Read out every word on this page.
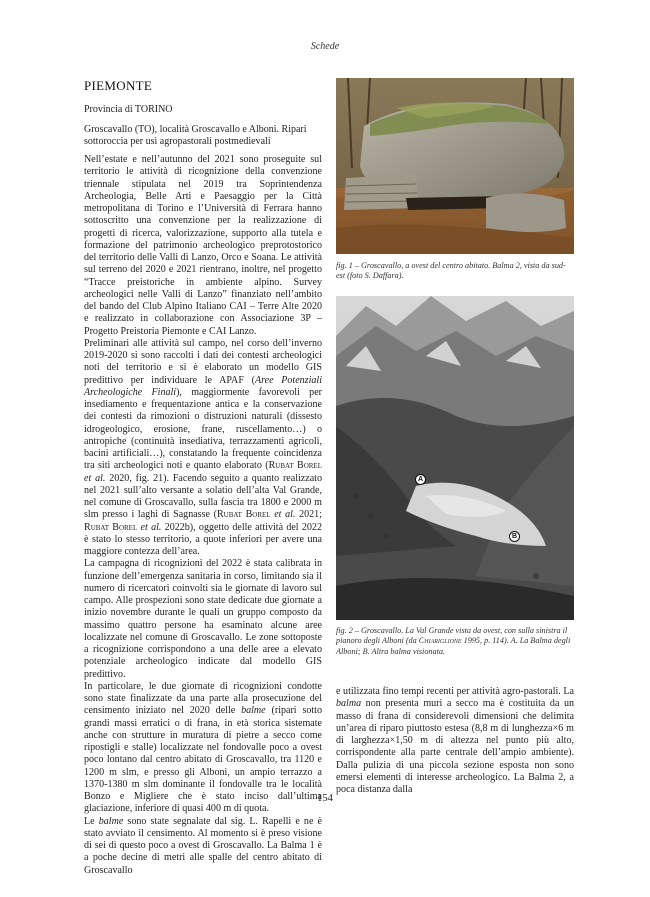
Schede
PIEMONTE
Provincia di TORINO
Groscavallo (TO), località Groscavallo e Alboni. Ripari sottoroccia per usi agropastorali postmedievali

Nell’estate e nell’autunno del 2021 sono proseguite sul territorio le attività di ricognizione della convenzione triennale stipulata nel 2019 tra Soprintendenza Archeologia, Belle Arti e Paesaggio per la Città metropolitana di Torino e l’Università di Ferrara hanno sottoscritto una convenzione per la realizzazione di progetti di ricerca, valorizzazione, supporto alla tutela e formazione del patrimonio archeologico preprotostorico del territorio delle Valli di Lanzo, Orco e Soana. Le attività sul terreno del 2020 e 2021 rientrano, inoltre, nel progetto “Tracce preistoriche in ambiente alpino. Survey archeologici nelle Valli di Lanzo” finanziato nell’ambito del bando del Club Alpino Italiano CAI – Terre Alte 2020 e realizzato in collaborazione con Associazione 3P – Progetto Preistoria Piemonte e CAI Lanzo.

Preliminari alle attività sul campo, nel corso dell’inverno 2019-2020 si sono raccolti i dati dei contesti archeologici noti del territorio e si è elaborato un modello GIS predittivo per individuare le APAF (Aree Potenziali Archeologiche Finali), maggiormente favorevoli per insediamento e frequentazione antica e la conservazione dei contesti da rimozioni o distruzioni naturali (dissesto idrogeologico, erosione, frane, ruscellamento…) o antropiche (continuità insediativa, terrazzamenti agricoli, bacini artificiali…), constatando la frequente coincidenza tra siti archeologici noti e quanto elaborato (Rubat Borel et al. 2020, fig. 21). Facendo seguito a quanto realizzato nel 2021 sull’alto versante a solatio dell’alta Val Grande, nel comune di Groscavallo, sulla fascia tra 1800 e 2000 m slm presso i laghi di Sagnasse (Rubat Borel et al. 2021; Rubat Borel et al. 2022b), oggetto delle attività del 2022 è stato lo stesso territorio, a quote inferiori per avere una maggiore contezza dell’area.

La campagna di ricognizioni del 2022 è stata calibrata in funzione dell’emergenza sanitaria in corso, limitando sia il numero di ricercatori coinvolti sia le giornate di lavoro sul campo. Alle prospezioni sono state dedicate due giornate a inizio novembre durante le quali un gruppo composto da massimo quattro persone ha esaminato alcune aree localizzate nel comune di Groscavallo. Le zone sottoposte a ricognizione corrispondono a una delle aree a elevato potenziale archeologico indicate dal modello GIS predittivo.

In particolare, le due giornate di ricognizioni condotte sono state finalizzate da una parte alla prosecuzione del censimento iniziato nel 2020 delle balme (ripari sotto grandi massi erratici o di frana, in età storica sistemate anche con strutture in muratura di pietre a secco come ripostigli e stalle) localizzate nel fondovalle poco a ovest poco lontano dal centro abitato di Groscavallo, tra 1120 e 1200 m slm, e presso gli Alboni, un ampio terrazzo a 1370-1380 m slm dominante il fondovalle tra le località Bonzo e Migliere che è stato inciso dall’ultima glaciazione, inferiore di quasi 400 m di quota.

Le balme sono state segnalate dal sig. L. Rapelli e ne è stato avviato il censimento. Al momento si è preso visione di sei di questo poco a ovest di Groscavallo. La Balma 1 è a poche decine di metri alle spalle del centro abitato di Groscavallo

fig. 1 – Groscavallo, a ovest del centro abitato. Balma 2, vista da sud-est (foto S. Daffara).
A
B
fig. 2 – Groscavallo. La Val Grande vista da ovest, con sulla sinistra il pianoro degli Alboni (da Chiariglione 1995, p. 114). A. La Balma degli Alboni; B. Altra balma visionata.

e utilizzata fino tempi recenti per attività agro-pastorali. La balma non presenta muri a secco ma è costituita da un masso di frana di considerevoli dimensioni che delimita un’area di riparo piuttosto estesa (8,8 m di lunghezza×6 m di larghezza×1,50 m di altezza nel punto più alto, corrispondente alla parte centrale dell’ampio ambiente). Dalla pulizia di una piccola sezione esposta non sono emersi elementi di interesse archeologico. La Balma 2, a poca distanza dalla

154
